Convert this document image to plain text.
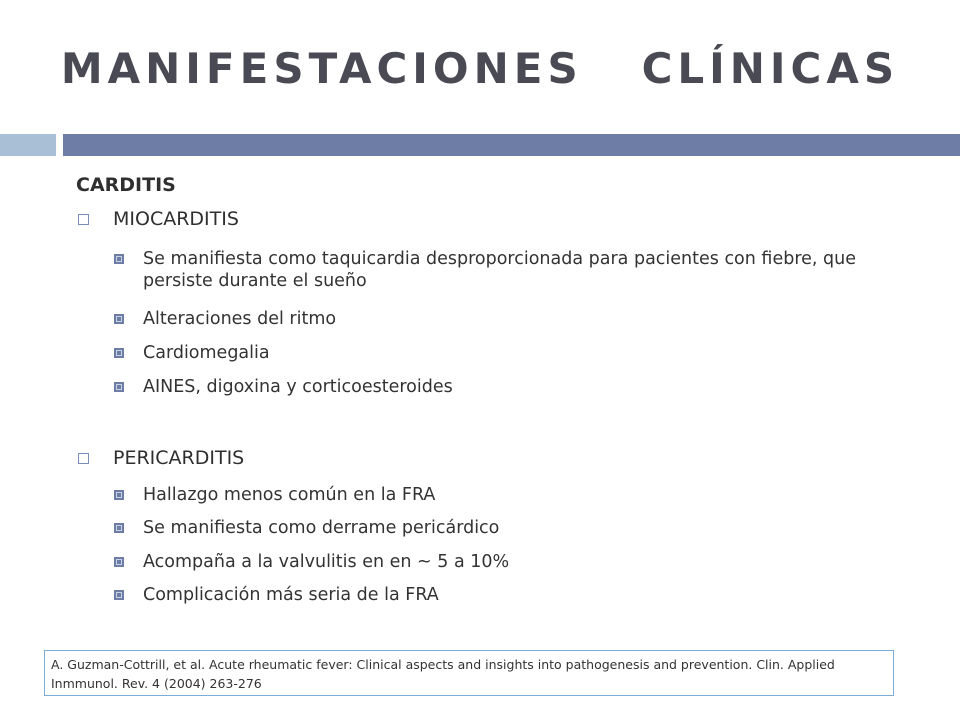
MANIFESTACIONES   CLÍNICAS
CARDITIS
MIOCARDITIS
Se manifiesta como taquicardia desproporcionada para pacientes con fiebre, que persiste durante el sueño
Alteraciones del ritmo
Cardiomegalia
AINES, digoxina y corticoesteroides
PERICARDITIS
Hallazgo menos común en la FRA
Se manifiesta como derrame pericárdico
Acompaña a la valvulitis en en ~ 5 a 10%
Complicación más seria de la FRA
A. Guzman-Cottrill, et al. Acute rheumatic fever: Clinical aspects and insights into pathogenesis and prevention. Clin. Applied Inmmunol. Rev. 4 (2004) 263-276
